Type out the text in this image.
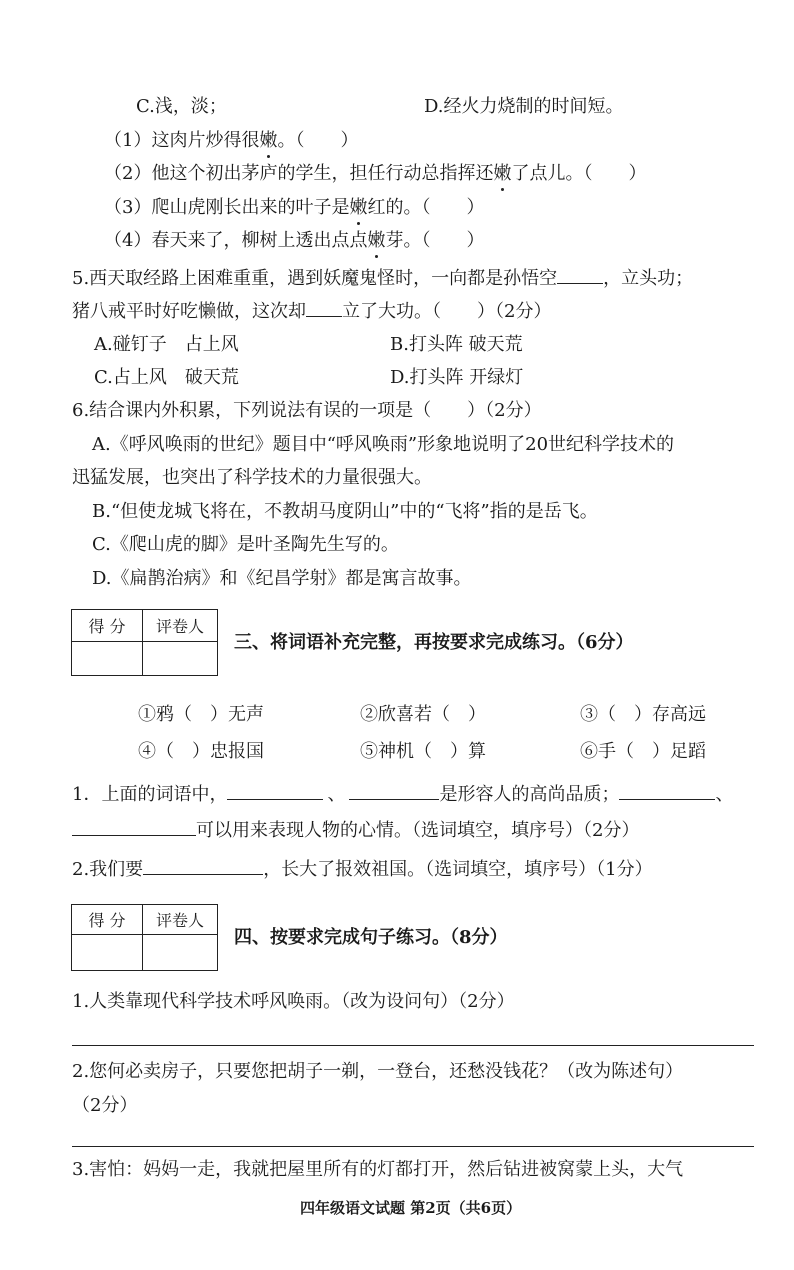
C.浅，淡；	D.经火力烧制的时间短。
（1）这肉片炒得很嫩。（　　）
（2）他这个初出茅庐的学生，担任行动总指挥还嫩了点儿。（　　）
（3）爬山虎刚长出来的叶子是嫩红的。（　　）
（4）春天来了，柳树上透出点点嫩芽。（　　）
5.西天取经路上困难重重，遇到妖魔鬼怪时，一向都是孙悟空	，立头功；
猪八戒平时好吃懒做，这次却 立了大功。（　　）（2分）
A.碰钉子　占上风	B.打头阵 破天荒
C.占上风　破天荒	D.打头阵 开绿灯
6.结合课内外积累，下列说法有误的一项是（　　）（2分）
A.《呼风唤雨的世纪》题目中“呼风唤雨”形象地说明了20世纪科学技术的
迅猛发展，也突出了科学技术的力量很强大。
B.“但使龙城飞将在，不教胡马度阴山”中的“飞将”指的是岳飞。
C.《爬山虎的脚》是叶圣陶先生写的。
D.《扁鹊治病》和《纪昌学射》都是寓言故事。
得 分	评卷人

三、将词语补充完整，再按要求完成练习。（6分）
①鸦（　）无声	②欣喜若（　）	③（　）存高远
④（　）忠报国	⑤神机（　）算	⑥手（　）足蹈
1．上面的词语中，	、	是形容人的高尚品质；	、
可以用来表现人物的心情。（选词填空，填序号）（2分）
2.我们要	，长大了报效祖国。（选词填空，填序号）（1分）
得 分	评卷人

四、按要求完成句子练习。（8分）
1.人类靠现代科学技术呼风唤雨。（改为设问句）（2分）
2.您何必卖房子，只要您把胡子一剃，一登台，还愁没钱花？（改为陈述句）
（2分）
3.害怕：妈妈一走，我就把屋里所有的灯都打开，然后钻进被窝蒙上头，大气
四年级语文试题 第2页（共6页）
